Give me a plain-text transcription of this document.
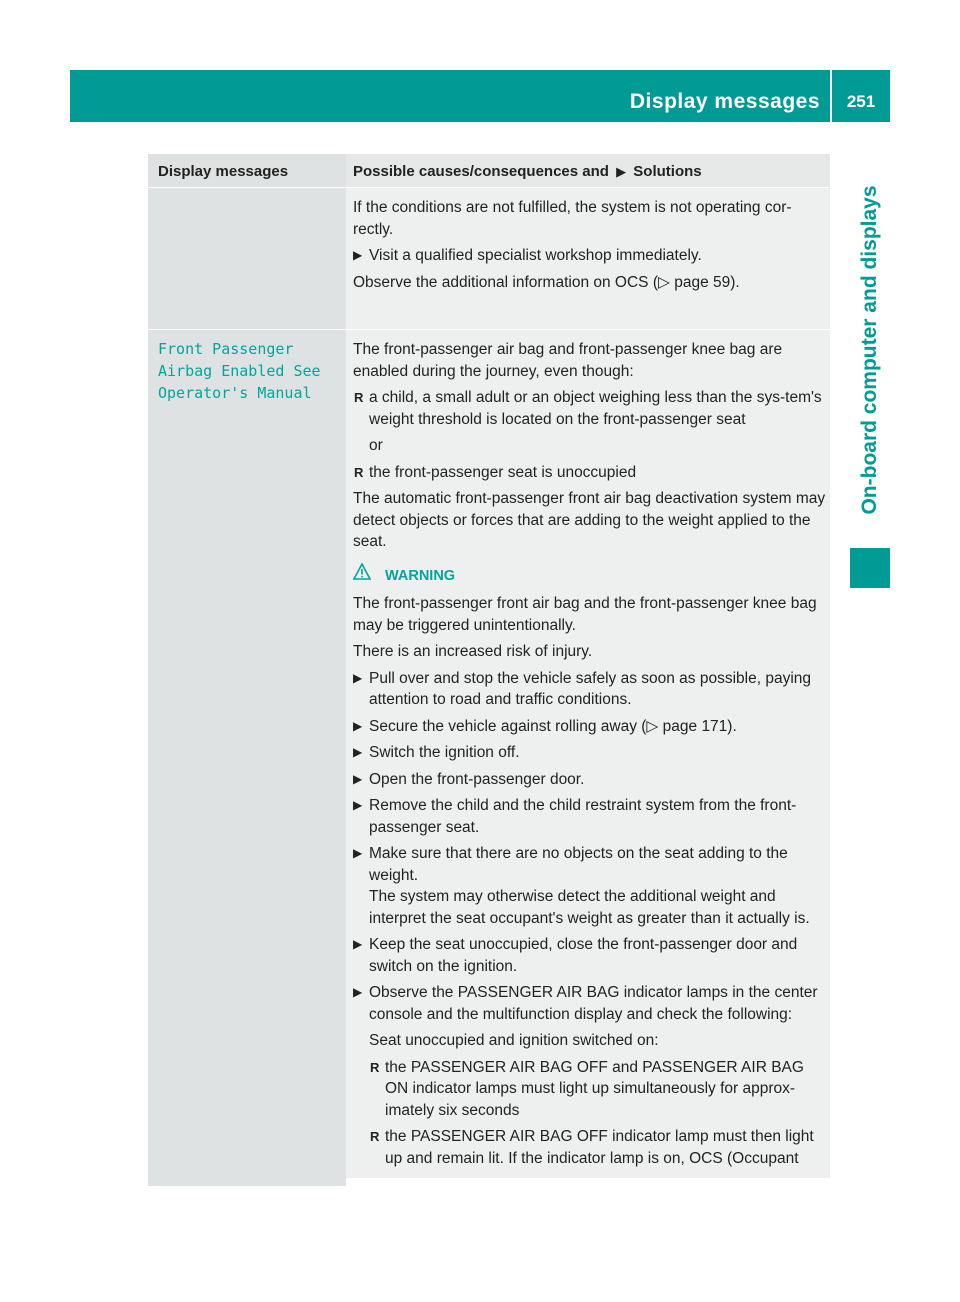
Display messages	251
On-board computer and displays
Display messages	Possible causes/consequences and ▶ Solutions

If the conditions are not fulfilled, the system is not operating cor-rectly.

▶ Visit a qualified specialist workshop immediately.

Observe the additional information on OCS (▷ page 59).

Front Passenger
Airbag Enabled See
Operator's Manual

The front-passenger air bag and front-passenger knee bag are enabled during the journey, even though:

R a child, a small adult or an object weighing less than the sys-tem's weight threshold is located on the front-passenger seat

or

R the front-passenger seat is unoccupied

The automatic front-passenger front air bag deactivation system may detect objects or forces that are adding to the weight applied to the seat.

WARNING

The front-passenger front air bag and the front-passenger knee bag may be triggered unintentionally.

There is an increased risk of injury.

▶ Pull over and stop the vehicle safely as soon as possible, paying attention to road and traffic conditions.
▶ Secure the vehicle against rolling away (▷ page 171).
▶ Switch the ignition off.
▶ Open the front-passenger door.
▶ Remove the child and the child restraint system from the front-passenger seat.
▶ Make sure that there are no objects on the seat adding to the weight.

The system may otherwise detect the additional weight and interpret the seat occupant's weight as greater than it actually is.

▶ Keep the seat unoccupied, close the front-passenger door and switch on the ignition.
▶ Observe the PASSENGER AIR BAG indicator lamps in the center console and the multifunction display and check the following:

Seat unoccupied and ignition switched on:

R the PASSENGER AIR BAG OFF and PASSENGER AIR BAG ON indicator lamps must light up simultaneously for approx-imately six seconds
R the PASSENGER AIR BAG OFF indicator lamp must then light up and remain lit. If the indicator lamp is on, OCS (Occupant
